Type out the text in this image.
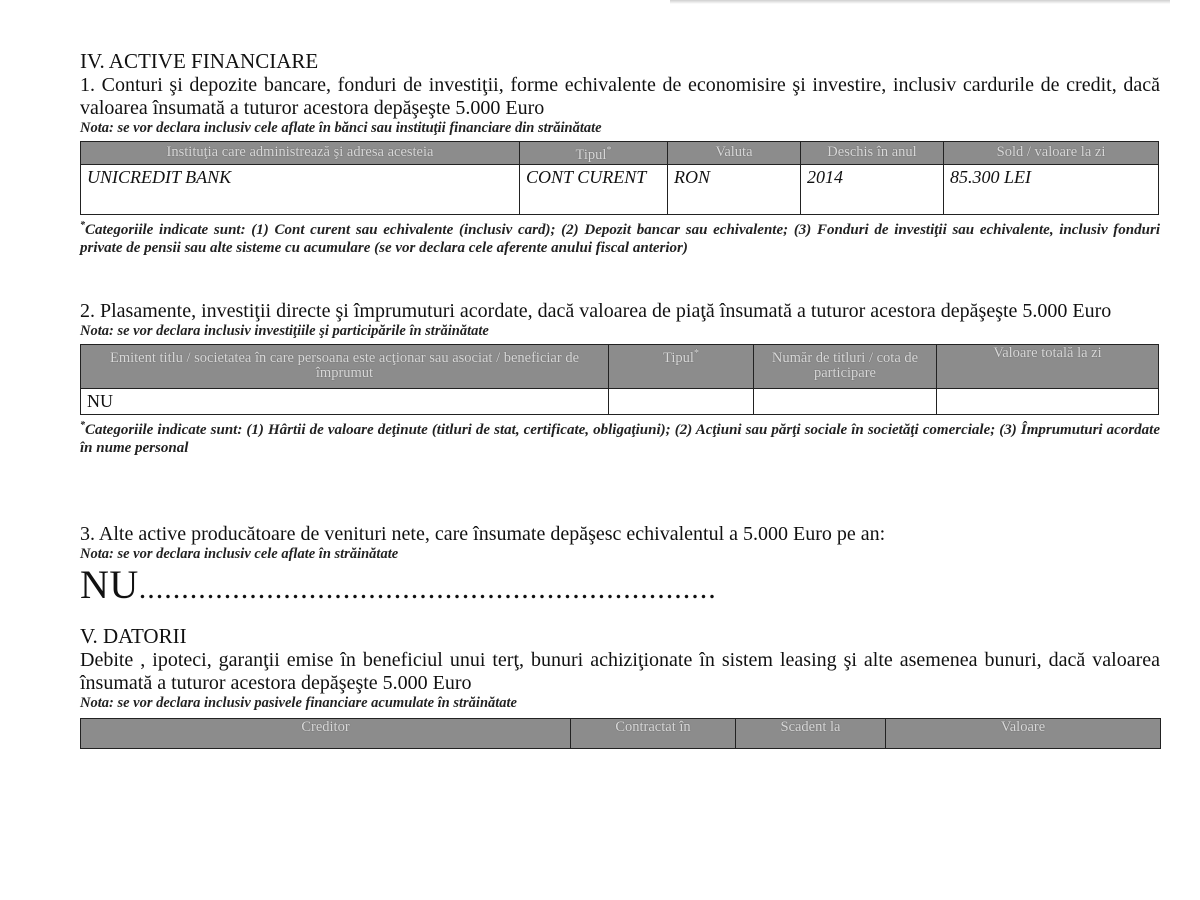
IV. ACTIVE FINANCIARE

1. Conturi şi depozite bancare, fonduri de investiţii, forme echivalente de economisire şi investire, inclusiv cardurile de credit, dacă valoarea însumată a tuturor acestora depăşeşte 5.000 Euro

Nota: se vor declara inclusiv cele aflate în bănci sau instituţii financiare din străinătate

Instituţia care administrează şi adresa acesteia	Tipul*	Valuta	Deschis în anul	Sold / valoare la zi
UNICREDIT BANK	CONT CURENT	RON	2014	85.300 LEI

*Categoriile indicate sunt: (1) Cont curent sau echivalente (inclusiv card); (2) Depozit bancar sau echivalente; (3) Fonduri de investiţii sau echivalente, inclusiv fonduri private de pensii sau alte sisteme cu acumulare (se vor declara cele aferente anului fiscal anterior)

2. Plasamente, investiţii directe şi împrumuturi acordate, dacă valoarea de piaţă însumată a tuturor acestora depăşeşte 5.000 Euro

Nota: se vor declara inclusiv investiţiile şi participările în străinătate

Emitent titlu / societatea în care persoana este acţionar sau asociat / beneficiar de împrumut	Tipul*	Număr de titluri / cota de participare	Valoare totală la zi
NU			

*Categoriile indicate sunt: (1) Hârtii de valoare deţinute (titluri de stat, certificate, obligaţiuni); (2) Acţiuni sau părţi sociale în societăţi comerciale; (3) Împrumuturi acordate în nume personal

3. Alte active producătoare de venituri nete, care însumate depăşesc echivalentul a 5.000 Euro pe an:

Nota: se vor declara inclusiv cele aflate în străinătate

NU....................................................................

V. DATORII

Debite , ipoteci, garanţii emise în beneficiul unui terţ, bunuri achiziţionate în sistem leasing şi alte asemenea bunuri, dacă valoarea însumată a tuturor acestora depăşeşte 5.000 Euro

Nota: se vor declara inclusiv pasivele financiare acumulate în străinătate

Creditor	Contractat în	Scadent la	Valoare
